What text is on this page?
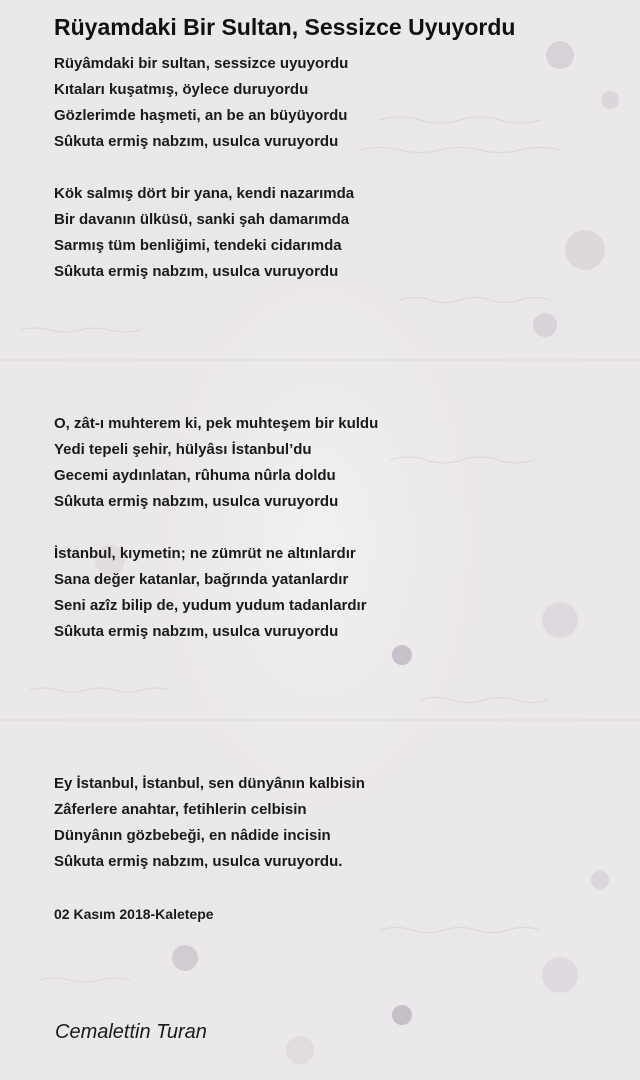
Rüyamdaki Bir Sultan, Sessizce Uyuyordu
Rüyâmdaki bir sultan, sessizce uyuyordu
Kıtaları kuşatmış, öylece duruyordu
Gözlerimde haşmeti, an be an büyüyordu
Sûkuta ermiş nabzım, usulca vuruyordu
Kök salmış dört bir yana, kendi nazarımda
Bir davanın ülküsü, sanki şah damarımda
Sarmış tüm benliğimi, tendeki cidarımda
Sûkuta ermiş nabzım, usulca vuruyordu
O, zât-ı muhterem ki, pek muhteşem bir kuldu
Yedi tepeli şehir, hülyâsı İstanbul’du
Gecemi aydınlatan, rûhuma nûrla doldu
Sûkuta ermiş nabzım, usulca vuruyordu
İstanbul, kıymetin; ne zümrüt ne altınlardır
Sana değer katanlar, bağrında yatanlardır
Seni azîz bilip de, yudum yudum tadanlardır
Sûkuta ermiş nabzım, usulca vuruyordu
Ey İstanbul, İstanbul, sen dünyânın kalbisin
Zâferlere anahtar, fetihlerin celbisin
Dünyânın gözbebeği, en nâdide incisin
Sûkuta ermiş nabzım, usulca vuruyordu.
02 Kasım 2018-Kaletepe
Cemalettin Turan
